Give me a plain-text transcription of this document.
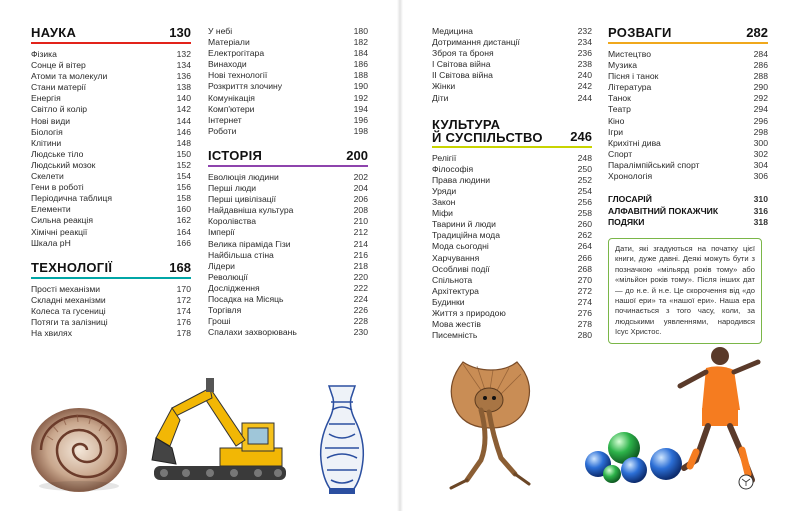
НАУКА	130
Фізика	132
Сонце й вітер	134
Атоми та молекули	136
Стани матерії	138
Енергія	140
Світло й колір	142
Нові види	144
Біологія	146
Клітини	148
Людське тіло	150
Людський мозок	152
Скелети	154
Гени в роботі	156
Періодична таблиця	158
Елементи	160
Сильна реакція	162
Хімічні реакції	164
Шкала pH	166
ТЕХНОЛОГІЇ	168
Прості механізми	170
Складні механізми	172
Колеса та гусениці	174
Потяги та залізниці	176
На хвилях	178
У небі	180
Матеріали	182
Електрогітара	184
Винаходи	186
Нові технології	188
Розкриття злочину	190
Комунікація	192
Комп'ютери	194
Інтернет	196
Роботи	198
ІСТОРІЯ	200
Еволюція людини	202
Перші люди	204
Перші цивілізації	206
Найдавніша культура	208
Королівства	210
Імперії	212
Велика піраміда Гізи	214
Найбільша стіна	216
Лідери	218
Революції	220
Дослідження	222
Посадка на Місяць	224
Торгівля	226
Гроші	228
Спалахи захворювань	230
Медицина	232
Дотримання дистанції	234
Зброя та броня	236
І Світова війна	238
ІІ Світова війна	240
Жінки	242
Діти	244
КУЛЬТУРА
Й СУСПІЛЬСТВО 246
Релігії	248
Філософія	250
Права людини	252
Уряди	254
Закон	256
Міфи	258
Тварини й люди	260
Традиційна мода	262
Мода сьогодні	264
Харчування	266
Особливі події	268
Спільнота	270
Архітектура	272
Будинки	274
Життя з природою	276
Мова жестів	278
Писемність	280
РОЗВАГИ	282
Мистецтво	284
Музика	286
Пісня і танок	288
Література	290
Танок	292
Театр	294
Кіно	296
Ігри	298
Крихітні дива	300
Спорт	302
Паралімпійський спорт	304
Хронологія	306
ГЛОСАРІЙ	310
АЛФАВІТНИЙ ПОКАЖЧИК	316
ПОДЯКИ	318
Дати, які згадуються на початку цієї книги, дуже давні. Деякі можуть бути з позначкою «мільярд років тому» або «мільйон років тому». Після інших дат — до н.е. й н.е. Це скорочення від «до нашої ери» та «нашої ери». Наша ера починається з того часу, коли, за людськими уявленнями, народився Ісус Христос.
